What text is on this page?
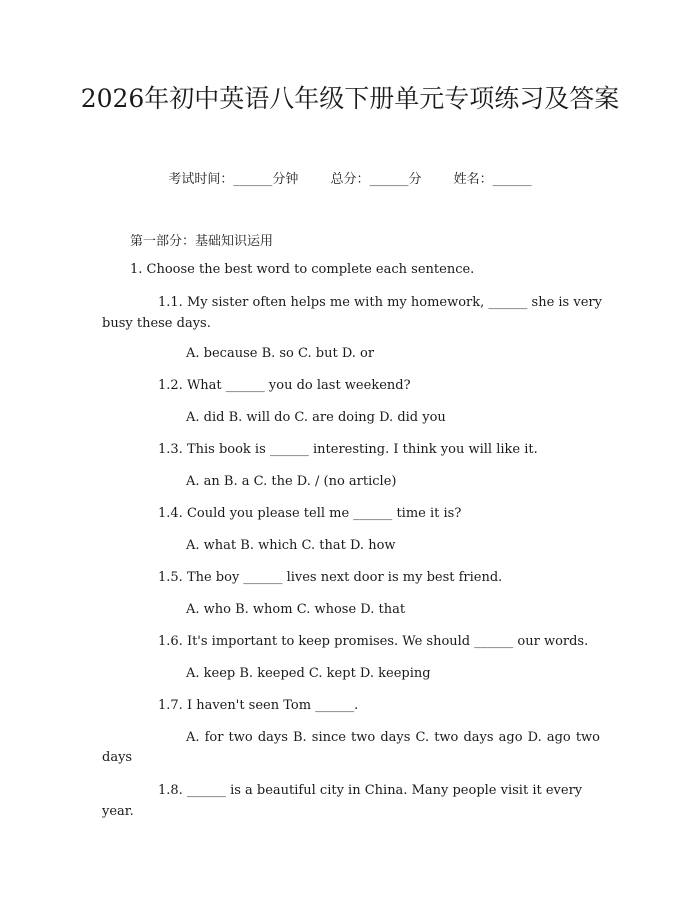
2026年初中英语八年级下册单元专项练习及答案
考试时间：______分钟 总分：______分 姓名：______
第一部分：基础知识运用
1. Choose the best word to complete each sentence.
1.1. My sister often helps me with my homework, ______ she is very busy these days.
A. because B. so C. but D. or
1.2. What ______ you do last weekend?
A. did B. will do C. are doing D. did you
1.3. This book is ______ interesting. I think you will like it.
A. an B. a C. the D. / (no article)
1.4. Could you please tell me ______ time it is?
A. what B. which C. that D. how
1.5. The boy ______ lives next door is my best friend.
A. who B. whom C. whose D. that
1.6. It's important to keep promises. We should ______ our words.
A. keep B. keeped C. kept D. keeping
1.7. I haven't seen Tom ______.
A. for two days B. since two days C. two days ago D. ago two days
1.8. ______ is a beautiful city in China. Many people visit it every year.
